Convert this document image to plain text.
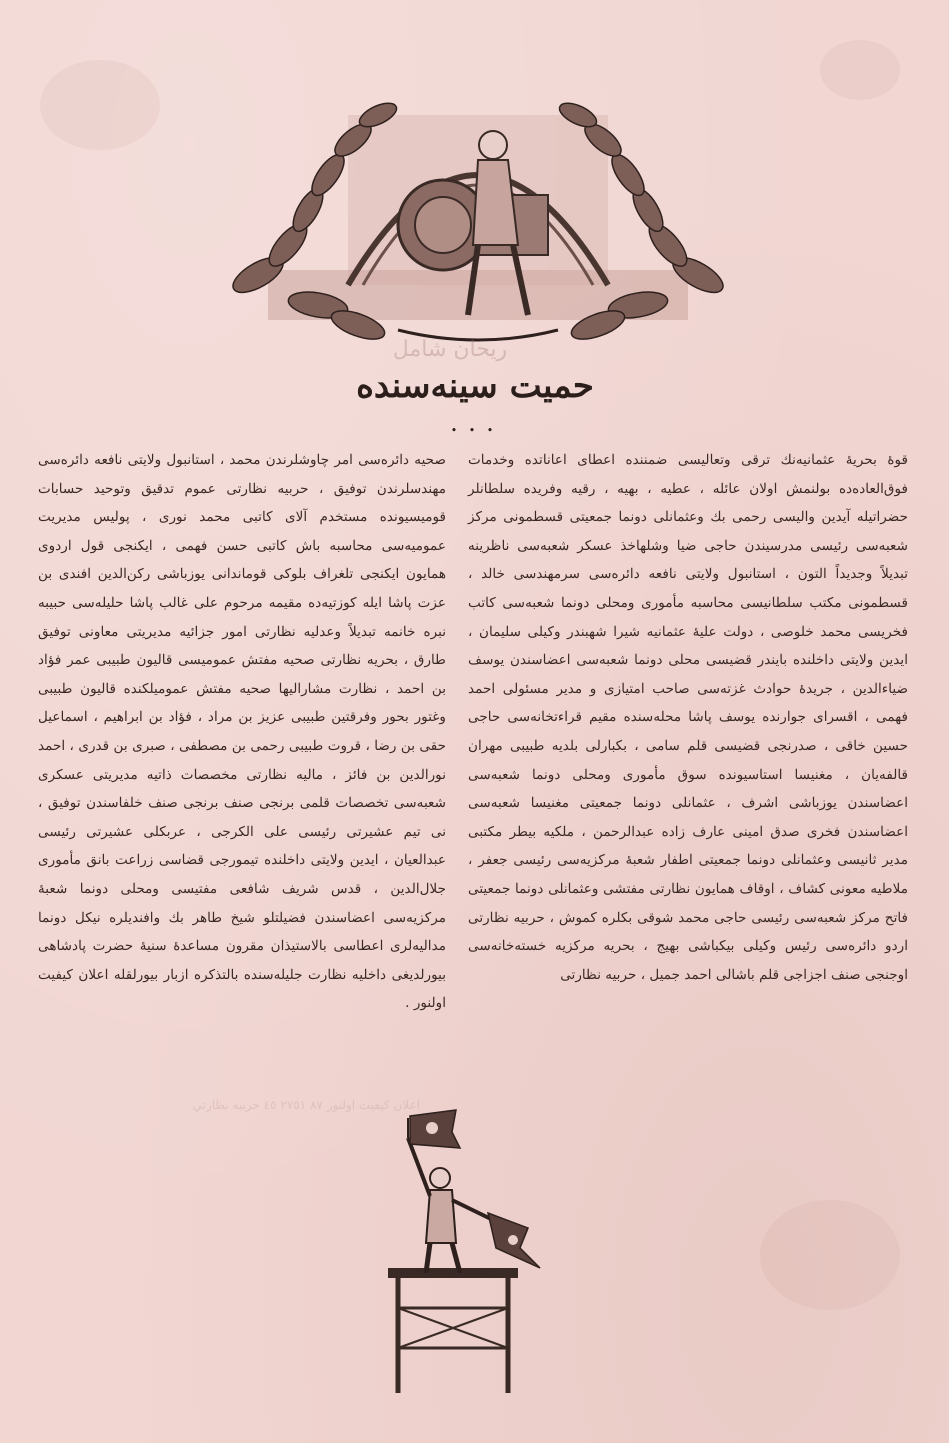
ریحان شامل
حمیت سینه‌سنده
• • •

قوهٔ بحریهٔ عثمانیه‌نك ترقی وتعالیسی ضمننده اعطای اعاناتده وخدمات فوق‌العاده‌ده بولنمش اولان عائله ، عطیه ، بهیه ، رقیه وفریده سلطانلر حضراتیله آیدین والیسی رحمی بك وعثمانلی دونما جمعیتی قسطمونی مرکز شعبه‌سی رئیسی مدرسیندن حاجی ضیا وشلهاخذ عسکر شعبه‌سی ناظرینه تبدیلاً وجدیداً التون ، استانبول ولایتی نافعه دائره‌سی سرمهندسی خالد ، قسطمونی مکتب سلطانیسی محاسبه مأموری ومحلی دونما شعبه‌سی کاتب فخریسی محمد خلوصی ، دولت علیهٔ عثمانیه شیرا شهبندر وکیلی سلیمان ، ایدین ولایتی داخلنده بایندر قضیسی محلی دونما شعبه‌سی اعضاسندن یوسف ضیاءالدین ، جریدهٔ حوادث غزته‌سی صاحب امتیازی و مدیر مسئولی احمد فهمی ، اقسرای جوارنده یوسف پاشا محله‌سنده مقیم قراءتخانه‌سی حاجی حسین خاقی ، صدرنجی قضیسی قلم سامی ، بکبارلی بلدیه طبیبی مهران قالفه‌یان ، مغنیسا استاسیونده سوق مأموری ومحلی دونما شعبه‌سی اعضاسندن یوزباشی اشرف ، عثمانلی دونما جمعیتی مغنیسا شعبه‌سی اعضاسندن فخری صدق امینی عارف زاده عبدالرحمن ، ملکیه بیطر مکتبی مدیر ثانیسی وعثمانلی دونما جمعیتی اطفار شعبهٔ مرکزیه‌سی رئیسی جعفر ، ملاطیه معونی کشاف ، اوقاف همایون نظارتی مفتشی وعثمانلی دونما جمعیتی فاتح مرکز شعبه‌سی رئیسی حاجی محمد شوقی بکلره کموش ، حربیه نظارتی اردو دائره‌سی رئیس وکیلی بیکباشی بهیج ، بحریه مرکزیه خسته‌خانه‌سی اوجنجی صنف اجزاجی قلم باشالی احمد جمیل ، حربیه نظارتی

صحیه دائره‌سی امر چاوشلرندن محمد ، استانبول ولایتی نافعه دائره‌سی مهندسلرندن توفیق ، حربیه نظارتی عموم تدقیق وتوحید حسابات قومیسیونده مستخدم آلای کاتبی محمد نوری ، پولیس مدیریت عمومیه‌سی محاسبه باش کاتبی حسن فهمی ، ایکنجی قول اردوی همایون ایکنجی تلغراف بلوکی قوماندانی یوزباشی رکن‌الدین افندی بن عزت پاشا ایله کوزتیه‌ده مقیمه مرحوم علی غالب پاشا حلیله‌سی حبیبه نبره خانمه تبدیلاً وعدلیه نظارتی امور جزائیه مدیریتی معاونی توفیق طارق ، بحریه نظارتی صحیه مفتش عمومیسی قالیون طبیبی عمر فؤاد بن احمد ، نظارت مشارالیها صحیه مفتش عمومیلکنده قالیون طبیبی وغتور بحور وفرقتین طبیبی عزیز بن مراد ، فؤاد بن ابراهیم ، اسماعیل حقی بن رضا ، قروت طبیبی رحمی بن مصطفی ، صبری بن قدری ، احمد نورالدین بن فائز ، مالیه نظارتی مخصصات ذاتیه مدیریتی عسکری شعبه‌سی تخصصات قلمی برنجی صنف برنجی صنف خلفاسندن توفیق ، نی تیم عشیرتی رئیسی علی الکرجی ، عربکلی عشیرتی رئیسی عبدالعیان ، ایدین ولایتی داخلنده تیمورجی قضاسی زراعت بانق مأموری جلال‌الدین ، قدس شریف شافعی مفتیسی ومحلی دونما شعبهٔ مرکزیه‌سی اعضاسندن فضیلتلو شیخ طاهر بك وافندیلره نیکل دونما مدالیه‌لری اعطاسی بالاستیذان مقرون مساعدهٔ سنیهٔ حضرت پادشاهی بیورلدیغی داخلیه نظارت جلیله‌سنده بالتذکره ازبار بیورلقله اعلان کیفیت اولنور .

اعلان كيفيت اولنور ٨٧ ٢٧٥١ ٤٥ حربيه نظارتي
